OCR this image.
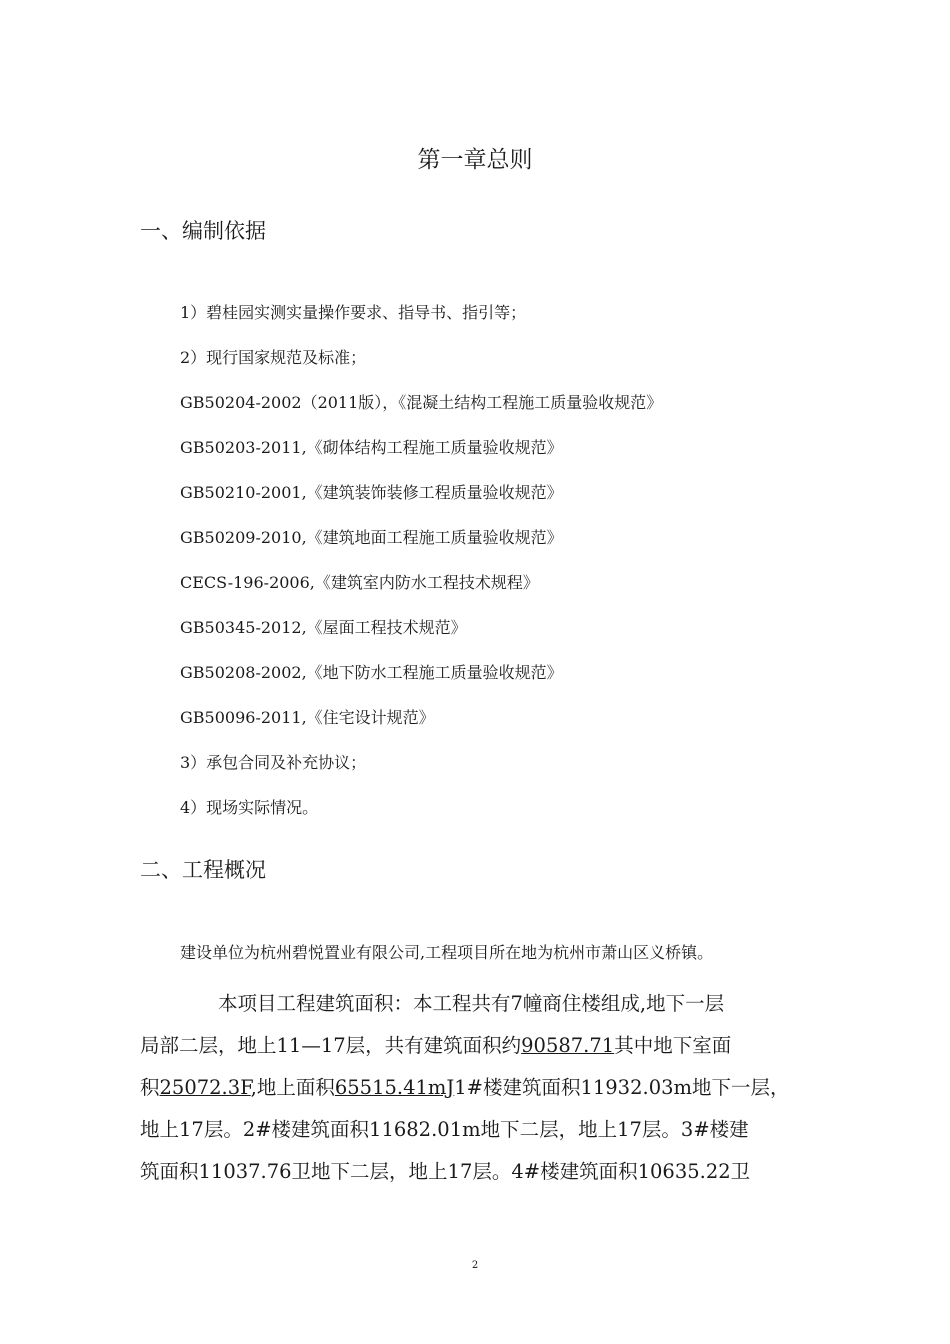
第一章总则
一、编制依据
1）碧桂园实测实量操作要求、指导书、指引等；
2）现行国家规范及标准；
GB50204-2002（2011版），《混凝土结构工程施工质量验收规范》
GB50203-2011,《砌体结构工程施工质量验收规范》
GB50210-2001,《建筑装饰装修工程质量验收规范》
GB50209-2010,《建筑地面工程施工质量验收规范》
CECS-196-2006,《建筑室内防水工程技术规程》
GB50345-2012,《屋面工程技术规范》
GB50208-2002,《地下防水工程施工质量验收规范》
GB50096-2011,《住宅设计规范》
3）承包合同及补充协议；
4）现场实际情况。
二、工程概况
建设单位为杭州碧悦置业有限公司,工程项目所在地为杭州市萧山区义桥镇。
本项目工程建筑面积：本工程共有7幢商住楼组成,地下一层
局部二层，地上11—17层，共有建筑面积约90587.71其中地下室面
积25072.3F,地上面积65515.41mJ1#楼建筑面积11932.03m地下一层，
地上17层。2#楼建筑面积11682.01m地下二层，地上17层。3#楼建
筑面积11037.76卫地下二层，地上17层。4#楼建筑面积10635.22卫
2
